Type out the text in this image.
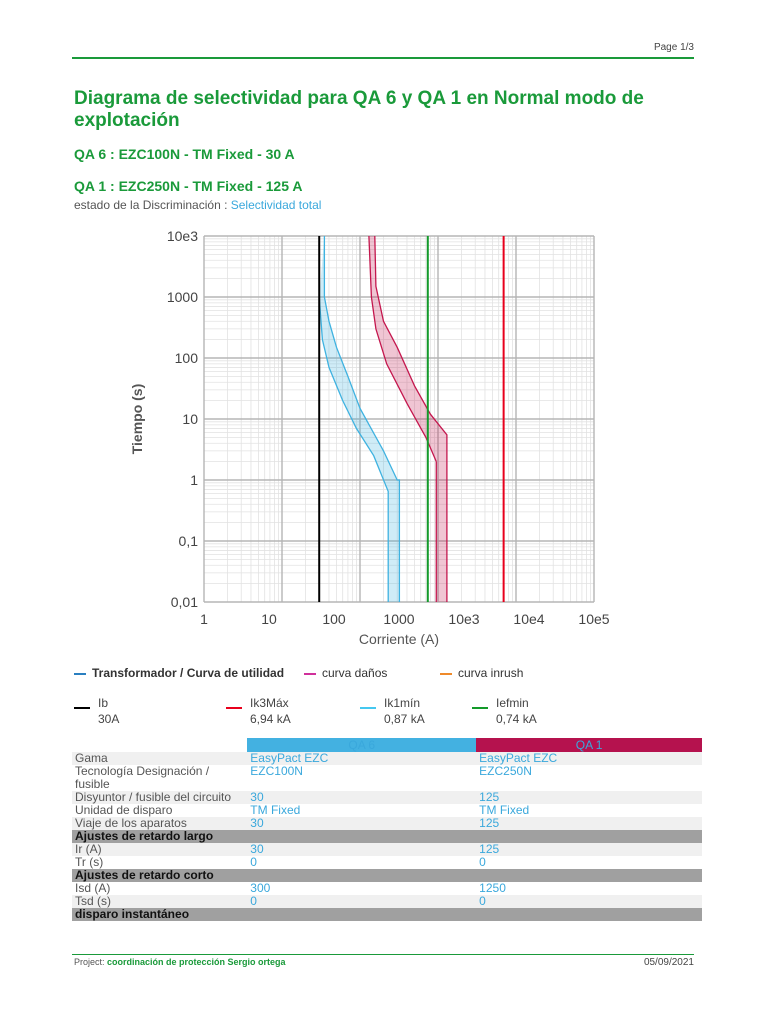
Page 1/3
Diagrama de selectividad para QA 6 y QA 1 en Normal modo de explotación
QA 6 : EZC100N - TM Fixed - 30 A
QA 1 : EZC250N - TM Fixed - 125 A
estado de la Discriminación : Selectividad total
1	10	100	1000 10e3 10e4 10e5
0,01
0,1
1
10
100
1000
10e3
Corriente (A)
Tiempo (s)
Transformador / Curva de utilidad	curva daños	curva inrush
Ib
30A
Ik3Máx
6,94 kA
Ik1mín
0,87 kA
Iefmin
0,74 kA
	QA 6	QA 1
Gama	EasyPact EZC	EasyPact EZC
Tecnología Designación / fusible	EZC100N	EZC250N
Disyuntor / fusible del circuito	30	125
Unidad de disparo	TM Fixed	TM Fixed
Viaje de los aparatos	30	125
Ajustes de retardo largo		
Ir (A)	30	125
Tr (s)	0	0
Ajustes de retardo corto		
Isd (A)	300	1250
Tsd (s)	0	0
disparo instantáneo		
Project: coordinación de protección Sergio ortega	05/09/2021
